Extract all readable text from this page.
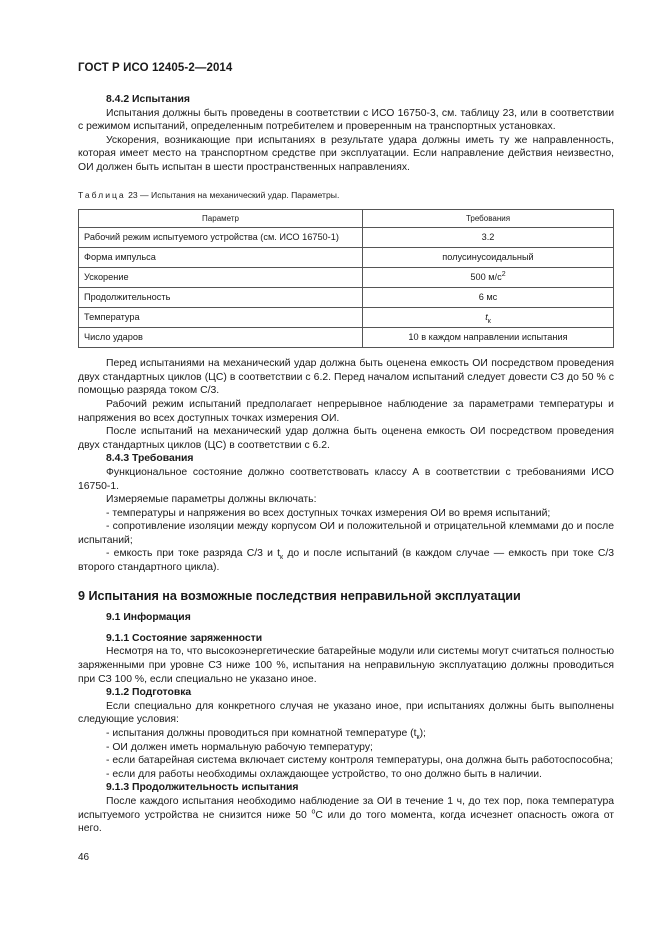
ГОСТ Р ИСО 12405-2—2014
8.4.2 Испытания
Испытания должны быть проведены в соответствии с ИСО 16750-3, см. таблицу 23, или в соответствии с режимом испытаний, определенным потребителем и проверенным на транспортных установках.
Ускорения, возникающие при испытаниях в результате удара должны иметь ту же направленность, которая имеет место на транспортном средстве при эксплуатации. Если направление действия неизвестно, ОИ должен быть испытан в шести пространственных направлениях.
Таблица 23 — Испытания на механический удар. Параметры.
Параметр	Требования
Рабочий режим испытуемого устройства (см. ИСО 16750-1)	3.2
Форма импульса	полусинусоидальный
Ускорение	500 $м/с^2$
Продолжительность	6 мс
Температура	$t_к$
Число ударов	10 в каждом направлении испытания
Перед испытаниями на механический удар должна быть оценена емкость ОИ посредством проведения двух стандартных циклов (ЦС) в соответствии с 6.2. Перед началом испытаний следует довести СЗ до 50 % с помощью разряда током С/3.
Рабочий режим испытаний предполагает непрерывное наблюдение за параметрами температуры и напряжения во всех доступных точках измерения ОИ.
После испытаний на механический удар должна быть оценена емкость ОИ посредством проведения двух стандартных циклов (ЦС) в соответствии с 6.2.
8.4.3 Требования
Функциональное состояние должно соответствовать классу А в соответствии с требованиями ИСО 16750-1.
Измеряемые параметры должны включать:
- температуры и напряжения во всех доступных точках измерения ОИ во время испытаний;
- сопротивление изоляции между корпусом ОИ и положительной и отрицательной клеммами до и после испытаний;
- емкость при токе разряда С/3 и $t_к$ до и после испытаний (в каждом случае — емкость при токе С/3 второго стандартного цикла).
9 Испытания на возможные последствия неправильной эксплуатации
9.1 Информация
9.1.1 Состояние заряженности
Несмотря на то, что высокоэнергетические батарейные модули или системы могут считаться полностью заряженными при уровне СЗ ниже 100 %, испытания на неправильную эксплуатацию должны проводиться при СЗ 100 %, если специально не указано иное.
9.1.2 Подготовка
Если специально для конкретного случая не указано иное, при испытаниях должны быть выполнены следующие условия:
- испытания должны проводиться при комнатной температуре $(t_к)$;
- ОИ должен иметь нормальную рабочую температуру;
- если батарейная система включает систему контроля температуры, она должна быть работоспособна;
- если для работы необходимы охлаждающее устройство, то оно должно быть в наличии.
9.1.3 Продолжительность испытания
После каждого испытания необходимо наблюдение за ОИ в течение 1 ч, до тех пор, пока температура испытуемого устройства не снизится ниже 50 $^o$С или до того момента, когда исчезнет опасность ожога от него.
46
